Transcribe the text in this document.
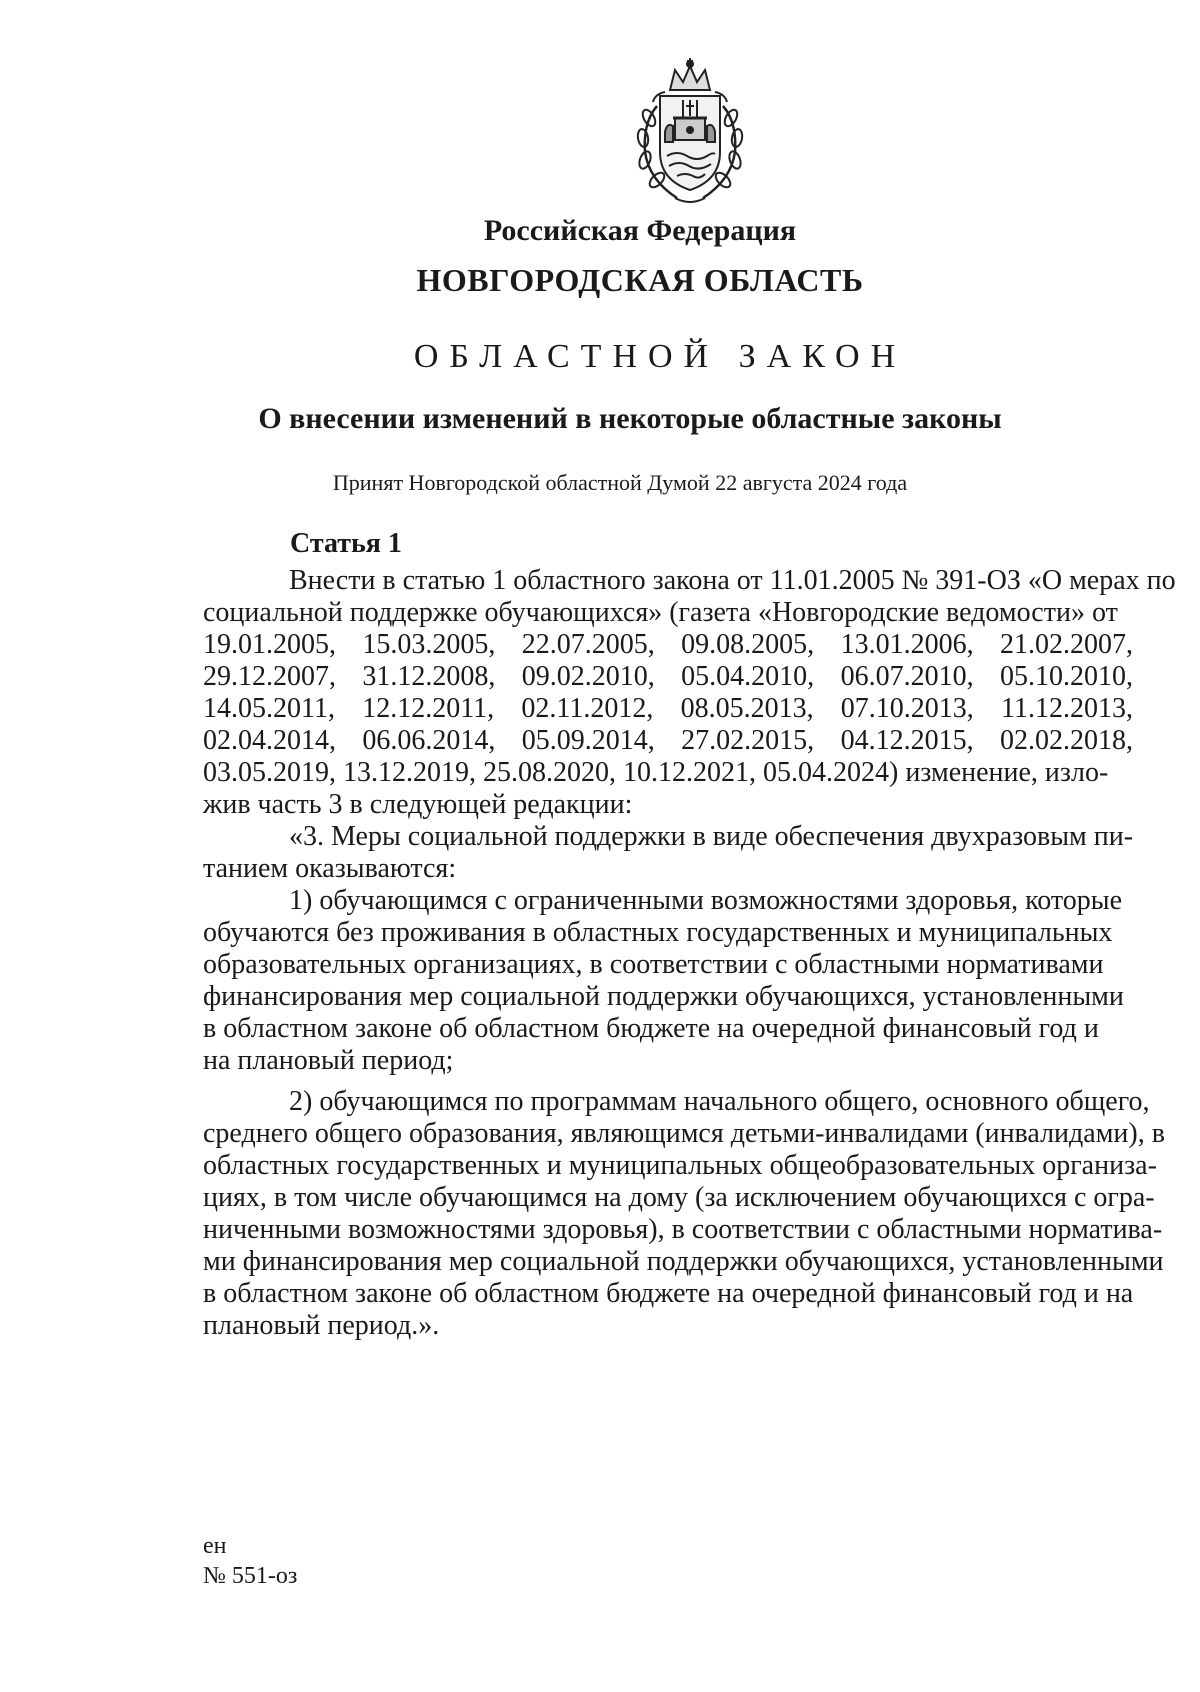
Российская Федерация
НОВГОРОДСКАЯ ОБЛАСТЬ
ОБЛАСТНОЙ ЗАКОН
О внесении изменений в некоторые областные законы
Принят Новгородской областной Думой 22 августа 2024 года
Статья 1
Внести в статью 1 областного закона от 11.01.2005 № 391-ОЗ «О мерах по
социальной поддержке обучающихся» (газета «Новгородские ведомости» от
19.01.2005, 15.03.2005, 22.07.2005, 09.08.2005, 13.01.2006, 21.02.2007,
29.12.2007, 31.12.2008, 09.02.2010, 05.04.2010, 06.07.2010, 05.10.2010,
14.05.2011, 12.12.2011, 02.11.2012, 08.05.2013, 07.10.2013, 11.12.2013,
02.04.2014, 06.06.2014, 05.09.2014, 27.02.2015, 04.12.2015, 02.02.2018,
03.05.2019, 13.12.2019, 25.08.2020, 10.12.2021, 05.04.2024) изменение, изло-
жив часть 3 в следующей редакции:
«3. Меры социальной поддержки в виде обеспечения двухразовым пи-
танием оказываются:
1) обучающимся с ограниченными возможностями здоровья, которые
обучаются без проживания в областных государственных и муниципальных
образовательных организациях, в соответствии с областными нормативами
финансирования мер социальной поддержки обучающихся, установленными
в областном законе об областном бюджете на очередной финансовый год и
на плановый период;
2) обучающимся по программам начального общего, основного общего,
среднего общего образования, являющимся детьми-инвалидами (инвалидами), в
областных государственных и муниципальных общеобразовательных организа-
циях, в том числе обучающимся на дому (за исключением обучающихся с огра-
ниченными возможностями здоровья), в соответствии с областными норматива-
ми финансирования мер социальной поддержки обучающихся, установленными
в областном законе об областном бюджете на очередной финансовый год и на
плановый период.».
ен
№ 551-оз
